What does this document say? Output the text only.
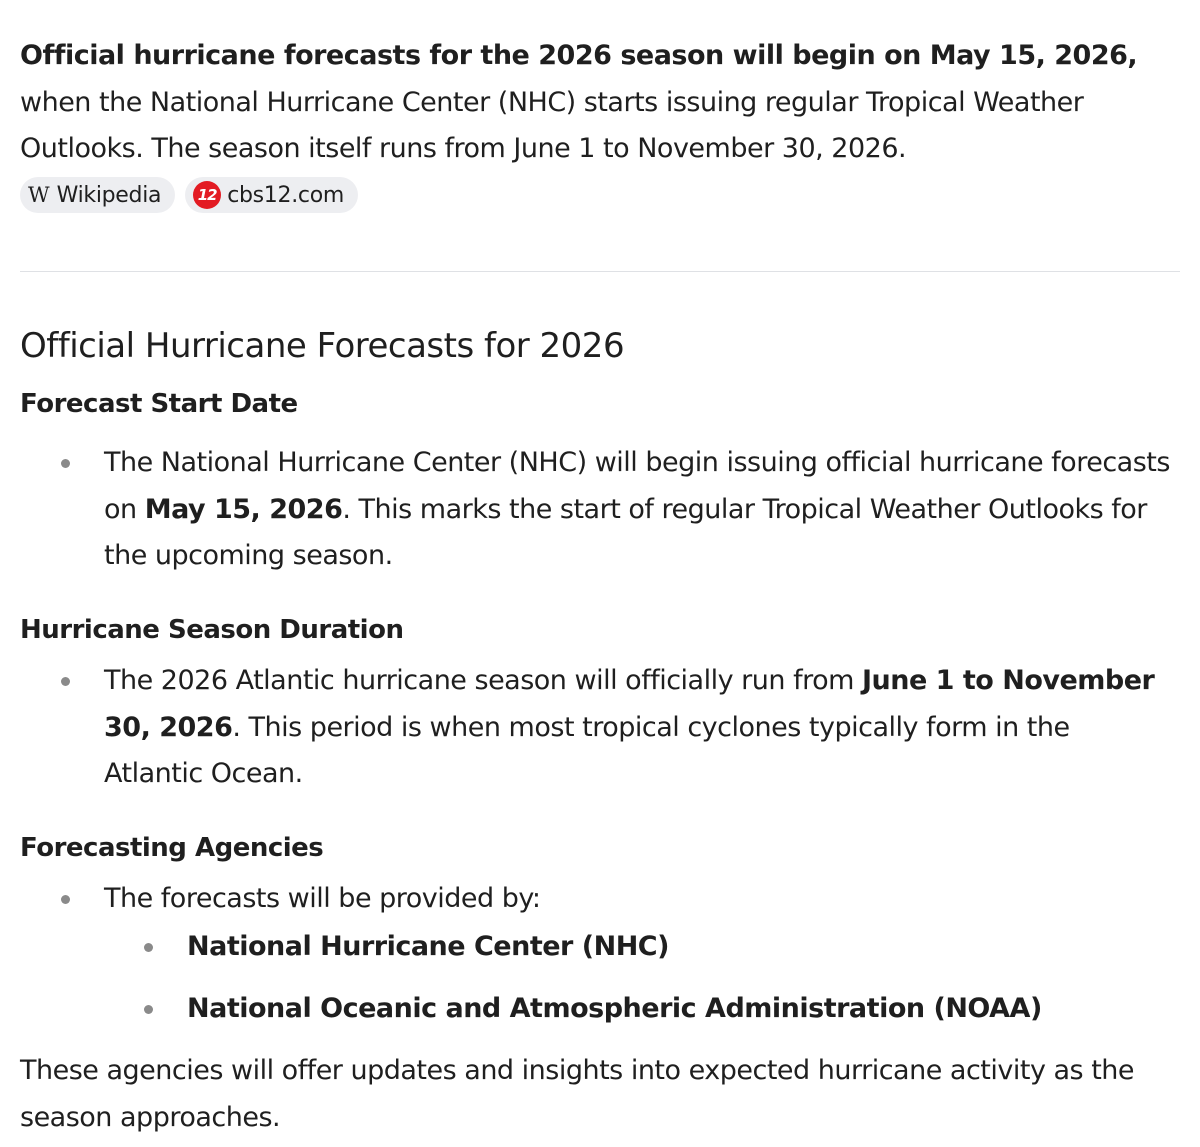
Official hurricane forecasts for the 2026 season will begin on May 15, 2026, when the National Hurricane Center (NHC) starts issuing regular Tropical Weather Outlooks. The season itself runs from June 1 to November 30, 2026.

W Wikipedia	12 cbs12.com
Official Hurricane Forecasts for 2026
Forecast Start Date
The National Hurricane Center (NHC) will begin issuing official hurricane forecasts on May 15, 2026. This marks the start of regular Tropical Weather Outlooks for the upcoming season.
Hurricane Season Duration
The 2026 Atlantic hurricane season will officially run from June 1 to November 30, 2026. This period is when most tropical cyclones typically form in the Atlantic Ocean.
Forecasting Agencies
The forecasts will be provided by:
National Hurricane Center (NHC)
National Oceanic and Atmospheric Administration (NOAA)

These agencies will offer updates and insights into expected hurricane activity as the season approaches.
